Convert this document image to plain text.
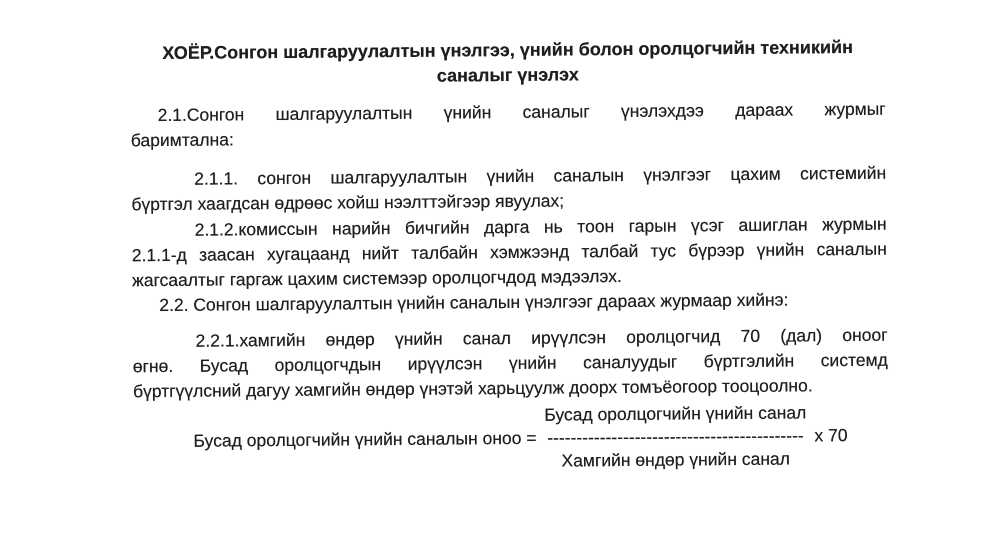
ХОЁР.Сонгон шалгаруулалтын үнэлгээ, үнийн болон оролцогчийн техникийн
саналыг үнэлэх
2.1.Сонгон шалгаруулалтын үнийн саналыг үнэлэхдээ дараах журмыг
баримтална:
2.1.1. сонгон шалгаруулалтын үнийн саналын үнэлгээг цахим системийн
бүртгэл хаагдсан өдрөөс хойш нээлттэйгээр явуулах;
2.1.2.комиссын нарийн бичгийн дарга нь тоон гарын үсэг ашиглан журмын
2.1.1-д заасан хугацаанд нийт талбайн хэмжээнд талбай тус бүрээр үнийн саналын
жагсаалтыг гаргаж цахим системээр оролцогчдод мэдээлэх.
2.2. Сонгон шалгаруулалтын үнийн саналын үнэлгээг дараах журмаар хийнэ:
2.2.1.хамгийн өндөр үнийн санал ирүүлсэн оролцогчид 70 (дал) оноог
өгнө. Бусад оролцогчдын ирүүлсэн үнийн саналуудыг бүртгэлийн системд
бүртгүүлсний дагуу хамгийн өндөр үнэтэй харьцуулж доорх томъёогоор тооцоолно.
Бусад оролцогчийн үнийн саналын оноо =
Бусад оролцогчийн үнийн санал
--------------------------------------------
Хамгийн өндөр үнийн санал
x 70
